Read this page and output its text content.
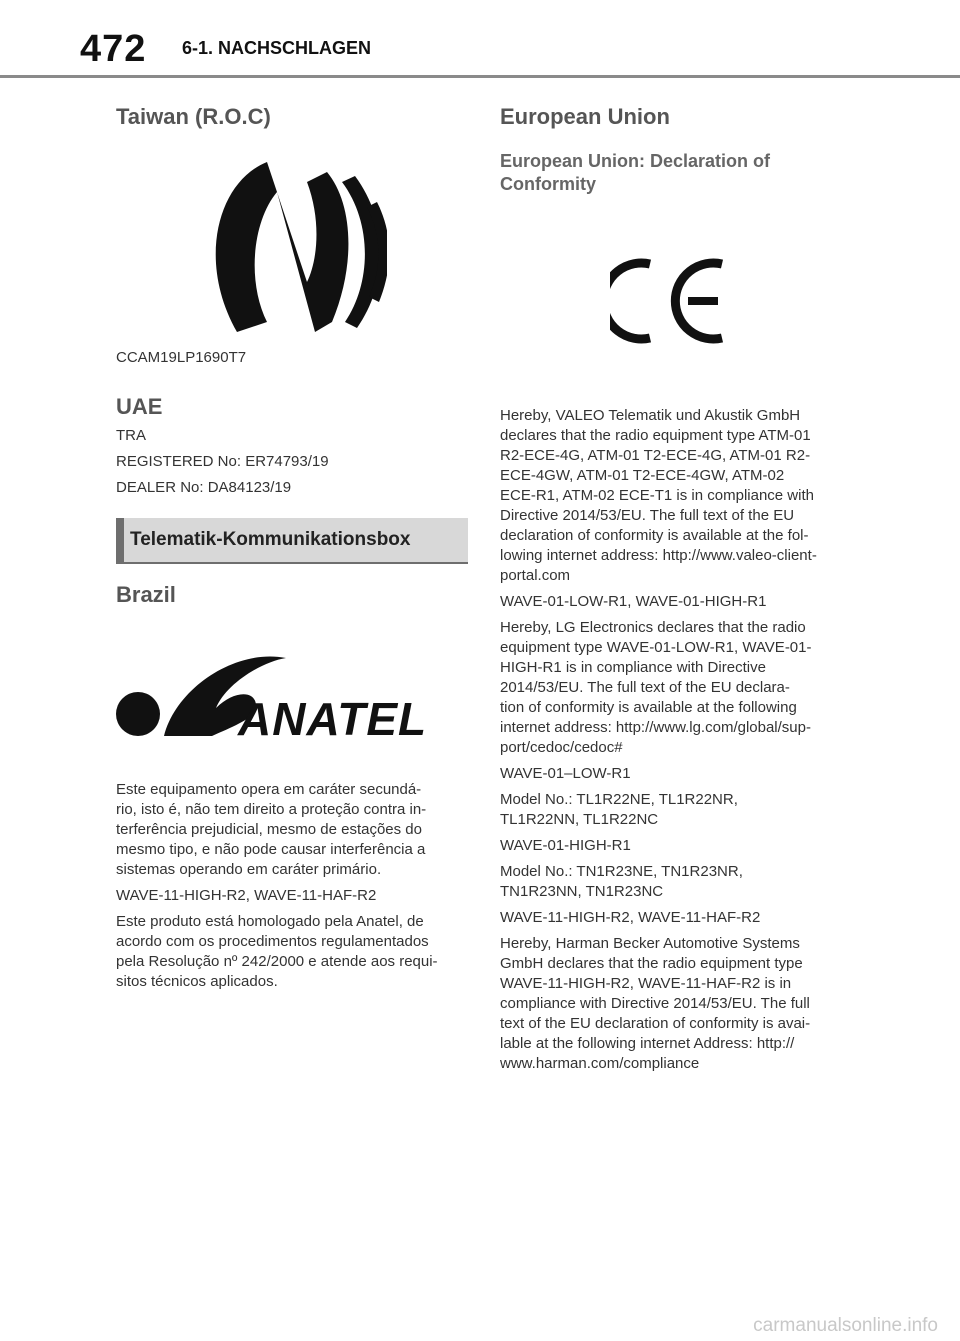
472 6-1. NACHSCHLAGEN
Taiwan (R.O.C)

CCAM19LP1690T7

UAE

TRA

REGISTERED No: ER74793/19

DEALER No: DA84123/19

Telematik-Kommunikationsbox
Brazil
ANATEL

Este equipamento opera em caráter secundá-

rio, isto é, não tem direito a proteção contra in-

terferência prejudicial, mesmo de estações do

mesmo tipo, e não pode causar interferência a

sistemas operando em caráter primário.

WAVE-11-HIGH-R2, WAVE-11-HAF-R2

Este produto está homologado pela Anatel, de

acordo com os procedimentos regulamentados

pela Resolução nº 242/2000 e atende aos requi-

sitos técnicos aplicados.

European Union
European Union: Declaration of
Conformity

Hereby, VALEO Telematik und Akustik GmbH

declares that the radio equipment type ATM-01

R2-ECE-4G, ATM-01 T2-ECE-4G, ATM-01 R2-

ECE-4GW, ATM-01 T2-ECE-4GW, ATM-02

ECE-R1, ATM-02 ECE-T1 is in compliance with

Directive 2014/53/EU. The full text of the EU

declaration of conformity is available at the fol-

lowing internet address: http://www.valeo-client-

portal.com

WAVE-01-LOW-R1, WAVE-01-HIGH-R1

Hereby, LG Electronics declares that the radio

equipment type WAVE-01-LOW-R1, WAVE-01-

HIGH-R1 is in compliance with Directive

2014/53/EU. The full text of the EU declara-

tion of conformity is available at the following

internet address: http://www.lg.com/global/sup-

port/cedoc/cedoc#

WAVE-01–LOW-R1

Model No.: TL1R22NE, TL1R22NR,

TL1R22NN, TL1R22NC

WAVE-01-HIGH-R1

Model No.: TN1R23NE, TN1R23NR,

TN1R23NN, TN1R23NC

WAVE-11-HIGH-R2, WAVE-11-HAF-R2

Hereby, Harman Becker Automotive Systems

GmbH declares that the radio equipment type

WAVE-11-HIGH-R2, WAVE-11-HAF-R2 is in

compliance with Directive 2014/53/EU. The full

text of the EU declaration of conformity is avai-

lable at the following internet Address: http://

www.harman.com/compliance

carmanualsonline.info
